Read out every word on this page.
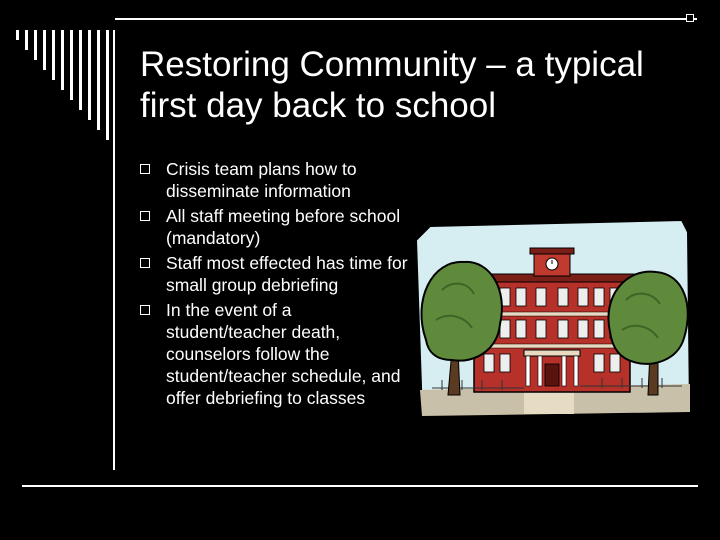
Restoring Community – a typical first day back to school
Crisis team plans how to disseminate information
All staff meeting before school (mandatory)
Staff most effected has time for small group debriefing
In the event of a student/teacher death, counselors follow the student/teacher schedule, and offer debriefing to classes
